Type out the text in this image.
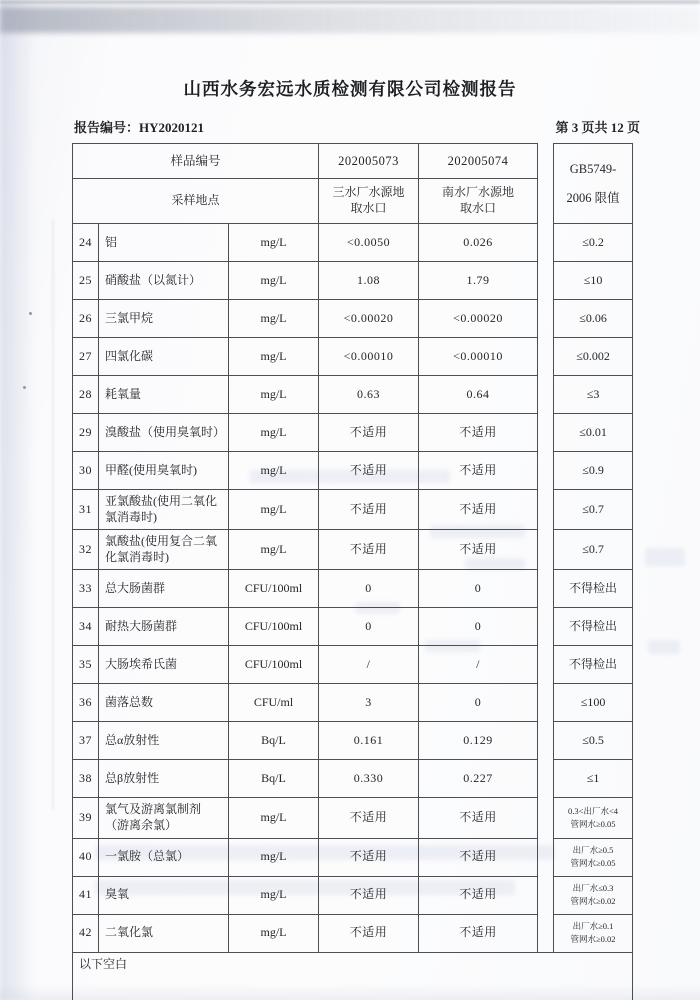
山西水务宏远水质检测有限公司检测报告
报告编号：HY2020121	第 3 页共 12 页
样品编号			202005073	202005074		GB5749-
2006 限值

采样地点			三水厂水源地取水口	南水厂水源地取水口		
24	铝	mg/L	<0.0050	0.026		≤0.2
25	硝酸盐（以氮计）	mg/L	1.08	1.79		≤10
26	三氯甲烷	mg/L	<0.00020	<0.00020		≤0.06
27	四氯化碳	mg/L	<0.00010	<0.00010		≤0.002
28	耗氧量	mg/L	0.63	0.64		≤3
29	溴酸盐（使用臭氧时）	mg/L	不适用	不适用		≤0.01
30	甲醛(使用臭氧时)	mg/L	不适用	不适用		≤0.9
31	亚氯酸盐(使用二氧化氯消毒时)	mg/L	不适用	不适用		≤0.7
32	氯酸盐(使用复合二氧化氯消毒时)	mg/L	不适用	不适用		≤0.7
33	总大肠菌群	CFU/100ml	0	0		不得检出
34	耐热大肠菌群	CFU/100ml	0	0		不得检出
35	大肠埃希氏菌	CFU/100ml	/	/		不得检出
36	菌落总数	CFU/ml	3	0		≤100
37	总α放射性	Bq/L	0.161	0.129		≤0.5
38	总β放射性	Bq/L	0.330	0.227		≤1
39	氯气及游离氯制剂（游离余氯）	mg/L	不适用	不适用		0.3<出厂水<4
管网水≥0.05

40	一氯胺（总氯）	mg/L	不适用	不适用		出厂水≥0.5
管网水≥0.05

41	臭氧	mg/L	不适用	不适用		出厂水≤0.3
管网水≥0.02

42	二氧化氯	mg/L	不适用	不适用		出厂水≥0.1
管网水≥0.02

以下空白						
